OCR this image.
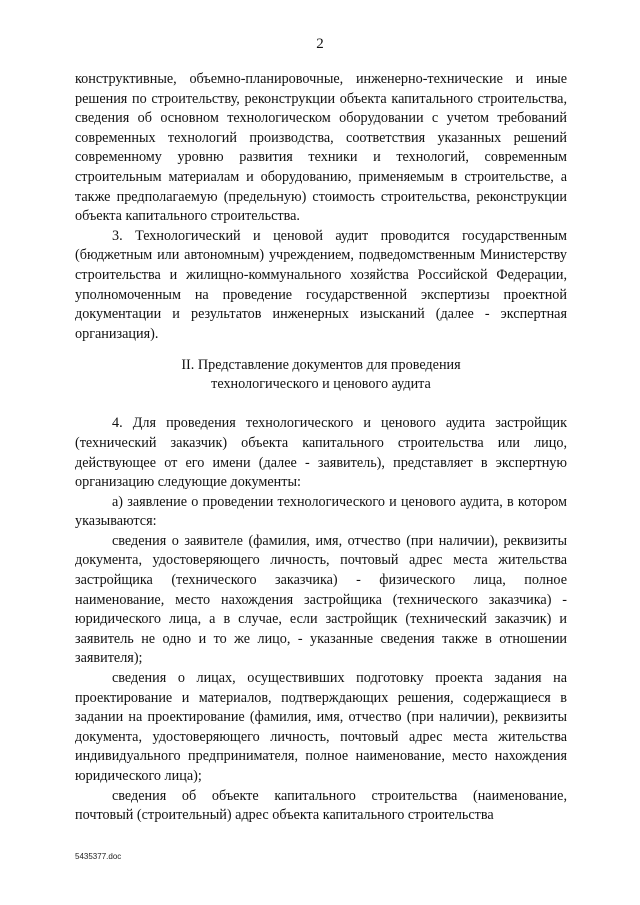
2

конструктивные, объемно-планировочные, инженерно-технические и иные решения по строительству, реконструкции объекта капитального строительства, сведения об основном технологическом оборудовании с учетом требований современных технологий производства, соответствия указанных решений современному уровню развития техники и технологий, современным строительным материалам и оборудованию, применяемым в строительстве, а также предполагаемую (предельную) стоимость строительства, реконструкции объекта капитального строительства.

3. Технологический и ценовой аудит проводится государственным (бюджетным или автономным) учреждением, подведомственным Министерству строительства и жилищно-коммунального хозяйства Российской Федерации, уполномоченным на проведение государственной экспертизы проектной документации и результатов инженерных изысканий (далее - экспертная организация).

II. Представление документов для проведения
технологического и ценового аудита

4. Для проведения технологического и ценового аудита застройщик (технический заказчик) объекта капитального строительства или лицо, действующее от его имени (далее - заявитель), представляет в экспертную организацию следующие документы:

а) заявление о проведении технологического и ценового аудита, в котором указываются:

сведения о заявителе (фамилия, имя, отчество (при наличии), реквизиты документа, удостоверяющего личность, почтовый адрес места жительства застройщика (технического заказчика) - физического лица, полное наименование, место нахождения застройщика (технического заказчика) - юридического лица, а в случае, если застройщик (технический заказчик) и заявитель не одно и то же лицо, - указанные сведения также в отношении заявителя);

сведения о лицах, осуществивших подготовку проекта задания на проектирование и материалов, подтверждающих решения, содержащиеся в задании на проектирование (фамилия, имя, отчество (при наличии), реквизиты документа, удостоверяющего личность, почтовый адрес места жительства индивидуального предпринимателя, полное наименование, место нахождения юридического лица);

сведения об объекте капитального строительства (наименование, почтовый (строительный) адрес объекта капитального строительства

5435377.doc
